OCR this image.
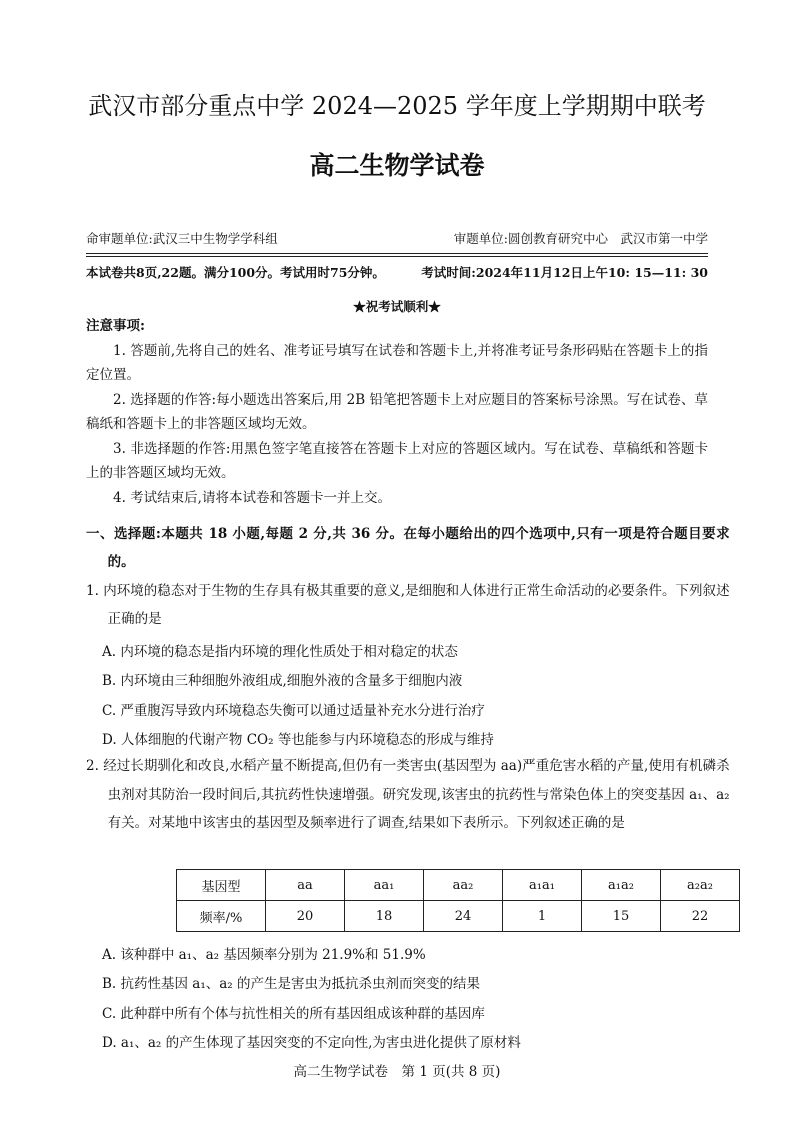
武汉市部分重点中学 2024—2025 学年度上学期期中联考
高二生物学试卷
命审题单位:武汉三中生物学学科组	审题单位:圆创教育研究中心　武汉市第一中学
本试卷共8页,22题。满分100分。考试用时75分钟。	考试时间:2024年11月12日上午10: 15—11: 30
★祝考试顺利★
注意事项:
1. 答题前,先将自己的姓名、准考证号填写在试卷和答题卡上,并将准考证号条形码贴在答题卡上的指定位置。
2. 选择题的作答:每小题选出答案后,用 2B 铅笔把答题卡上对应题目的答案标号涂黑。写在试卷、草稿纸和答题卡上的非答题区域均无效。
3. 非选择题的作答:用黑色签字笔直接答在答题卡上对应的答题区域内。写在试卷、草稿纸和答题卡上的非答题区域均无效。
4. 考试结束后,请将本试卷和答题卡一并上交。
一、选择题:本题共 18 小题,每题 2 分,共 36 分。在每小题给出的四个选项中,只有一项是符合题目要求的。
1. 内环境的稳态对于生物的生存具有极其重要的意义,是细胞和人体进行正常生命活动的必要条件。下列叙述正确的是
A. 内环境的稳态是指内环境的理化性质处于相对稳定的状态
B. 内环境由三种细胞外液组成,细胞外液的含量多于细胞内液
C. 严重腹泻导致内环境稳态失衡可以通过适量补充水分进行治疗
D. 人体细胞的代谢产物 CO₂ 等也能参与内环境稳态的形成与维持
2. 经过长期驯化和改良,水稻产量不断提高,但仍有一类害虫(基因型为 aa)严重危害水稻的产量,使用有机磷杀虫剂对其防治一段时间后,其抗药性快速增强。研究发现,该害虫的抗药性与常染色体上的突变基因 a₁、a₂ 有关。对某地中该害虫的基因型及频率进行了调查,结果如下表所示。下列叙述正确的是
基因型	aa	aa₁	aa₂	a₁a₁	a₁a₂	a₂a₂
频率/%	20	18	24	1	15	22
A. 该种群中 a₁、a₂ 基因频率分别为 21.9%和 51.9%
B. 抗药性基因 a₁、a₂ 的产生是害虫为抵抗杀虫剂而突变的结果
C. 此种群中所有个体与抗性相关的所有基因组成该种群的基因库
D. a₁、a₂ 的产生体现了基因突变的不定向性,为害虫进化提供了原材料
高二生物学试卷　第 1 页(共 8 页)
